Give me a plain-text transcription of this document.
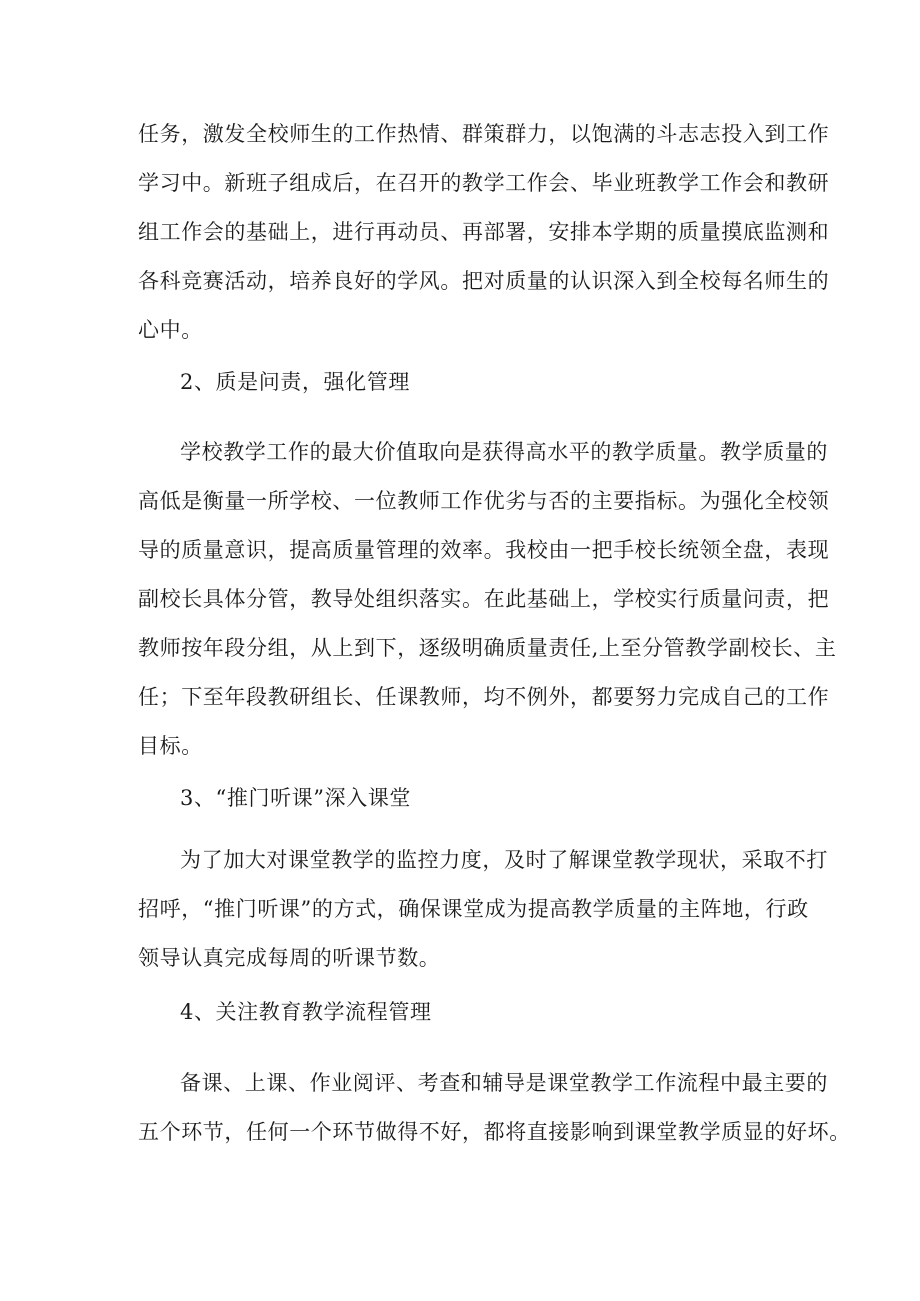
任务，激发全校师生的工作热情、群策群力，以饱满的斗志志投入到工作
学习中。新班子组成后，在召开的教学工作会、毕业班教学工作会和教研
组工作会的基础上，进行再动员、再部署，安排本学期的质量摸底监测和
各科竞赛活动，培养良好的学风。把对质量的认识深入到全校每名师生的
心中。
2、质是问责，强化管理
学校教学工作的最大价值取向是获得高水平的教学质量。教学质量的
高低是衡量一所学校、一位教师工作优劣与否的主要指标。为强化全校领
导的质量意识，提高质量管理的效率。我校由一把手校长统领全盘，表现
副校长具体分管，教导处组织落实。在此基础上，学校实行质量问责，把
教师按年段分组，从上到下，逐级明确质量责任,上至分管教学副校长、主
任；下至年段教研组长、任课教师，均不例外，都要努力完成自己的工作
目标。
3、“推门听课”深入课堂
为了加大对课堂教学的监控力度，及时了解课堂教学现状，采取不打
招呼，“推门听课”的方式，确保课堂成为提高教学质量的主阵地，行政
领导认真完成每周的听课节数。
4、关注教育教学流程管理
备课、上课、作业阅评、考查和辅导是课堂教学工作流程中最主要的
五个环节，任何一个环节做得不好，都将直接影响到课堂教学质显的好坏。
